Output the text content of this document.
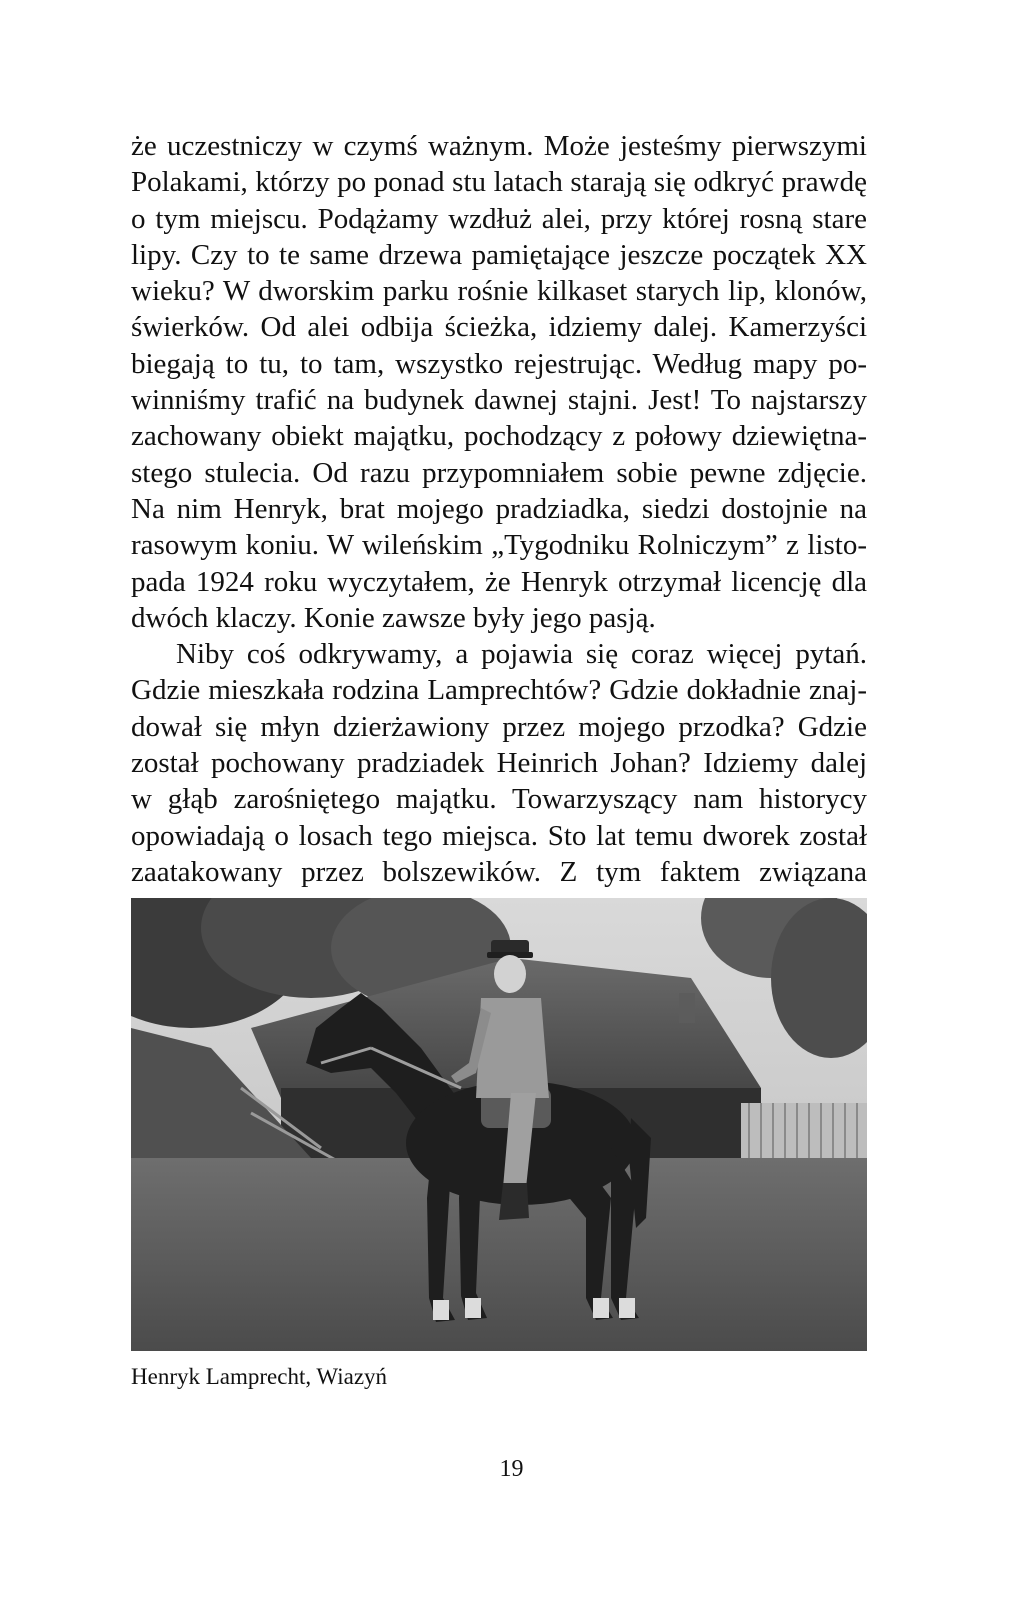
że uczestniczy w czymś ważnym. Może jesteśmy pierwszymi
Polakami, którzy po ponad stu latach starają się odkryć prawdę
o tym miejscu. Podążamy wzdłuż alei, przy której rosną stare
lipy. Czy to te same drzewa pamiętające jeszcze początek XX
wieku? W dworskim parku rośnie kilkaset starych lip, klonów,
świerków. Od alei odbija ścieżka, idziemy dalej. Kamerzyści
biegają to tu, to tam, wszystko rejestrując. Według mapy po-
winniśmy trafić na budynek dawnej stajni. Jest! To najstarszy
zachowany obiekt majątku, pochodzący z połowy dziewiętna-
stego stulecia. Od razu przypomniałem sobie pewne zdjęcie.
Na nim Henryk, brat mojego pradziadka, siedzi dostojnie na
rasowym koniu. W wileńskim „Tygodniku Rolniczym” z listo-
pada 1924 roku wyczytałem, że Henryk otrzymał licencję dla
dwóch klaczy. Konie zawsze były jego pasją.

Niby coś odkrywamy, a pojawia się coraz więcej pytań.
Gdzie mieszkała rodzina Lamprechtów? Gdzie dokładnie znaj-
dował się młyn dzierżawiony przez mojego przodka? Gdzie
został pochowany pradziadek Heinrich Johan? Idziemy dalej
w głąb zarośniętego majątku. Towarzyszący nam historycy
opowiadają o losach tego miejsca. Sto lat temu dworek został
zaatakowany przez bolszewików. Z tym faktem związana

Henryk Lamprecht, Wiazyń
19
